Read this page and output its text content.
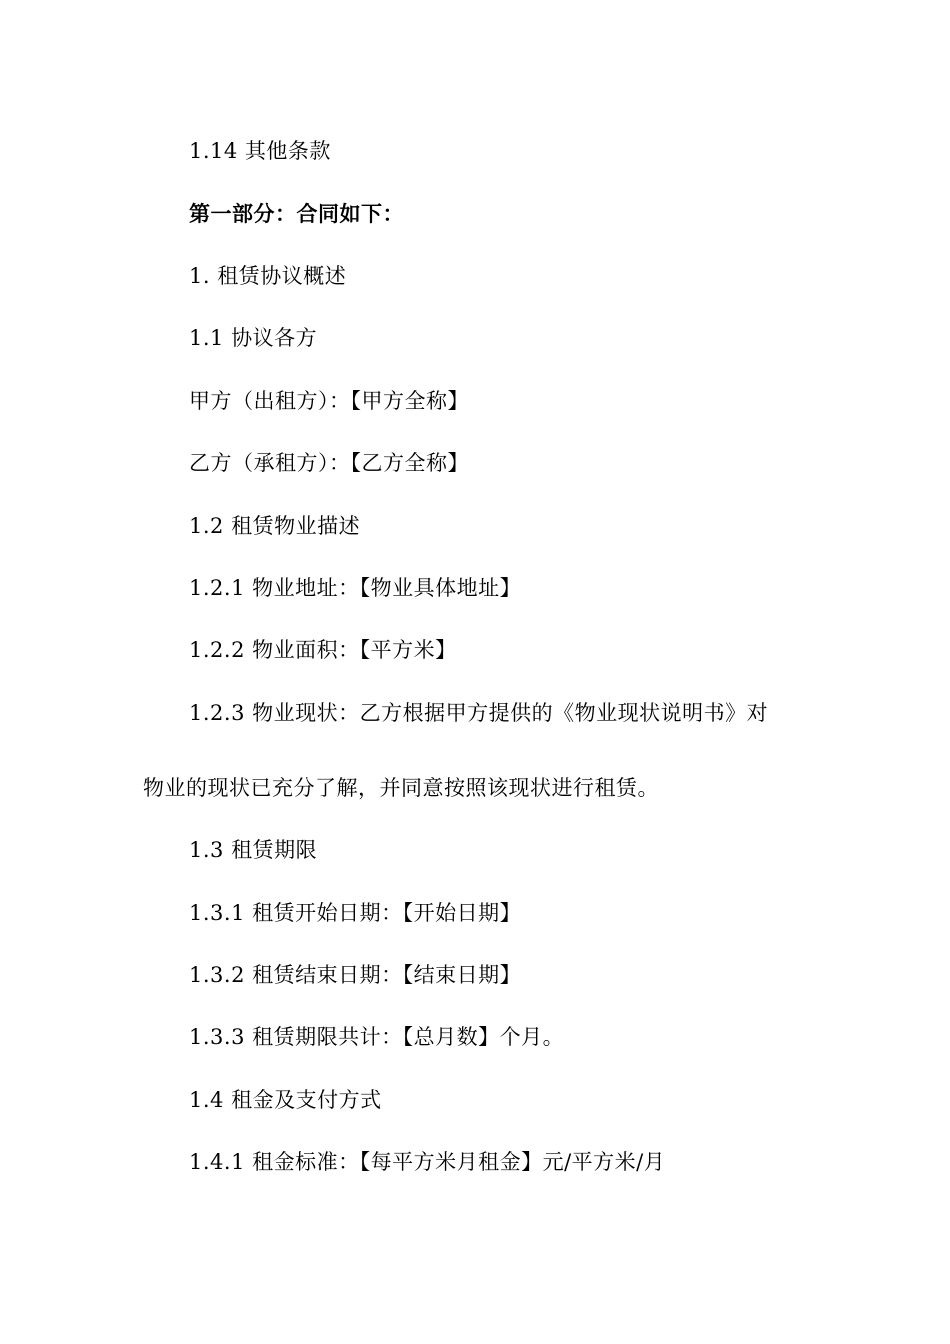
1.14 其他条款
第一部分：合同如下：
1. 租赁协议概述
1.1 协议各方
甲方（出租方）：【甲方全称】
乙方（承租方）：【乙方全称】
1.2 租赁物业描述
1.2.1 物业地址：【物业具体地址】
1.2.2 物业面积：【平方米】
1.2.3 物业现状：乙方根据甲方提供的《物业现状说明书》对
物业的现状已充分了解，并同意按照该现状进行租赁。
1.3 租赁期限
1.3.1 租赁开始日期：【开始日期】
1.3.2 租赁结束日期：【结束日期】
1.3.3 租赁期限共计：【总月数】个月。
1.4 租金及支付方式
1.4.1 租金标准：【每平方米月租金】元/平方米/月
